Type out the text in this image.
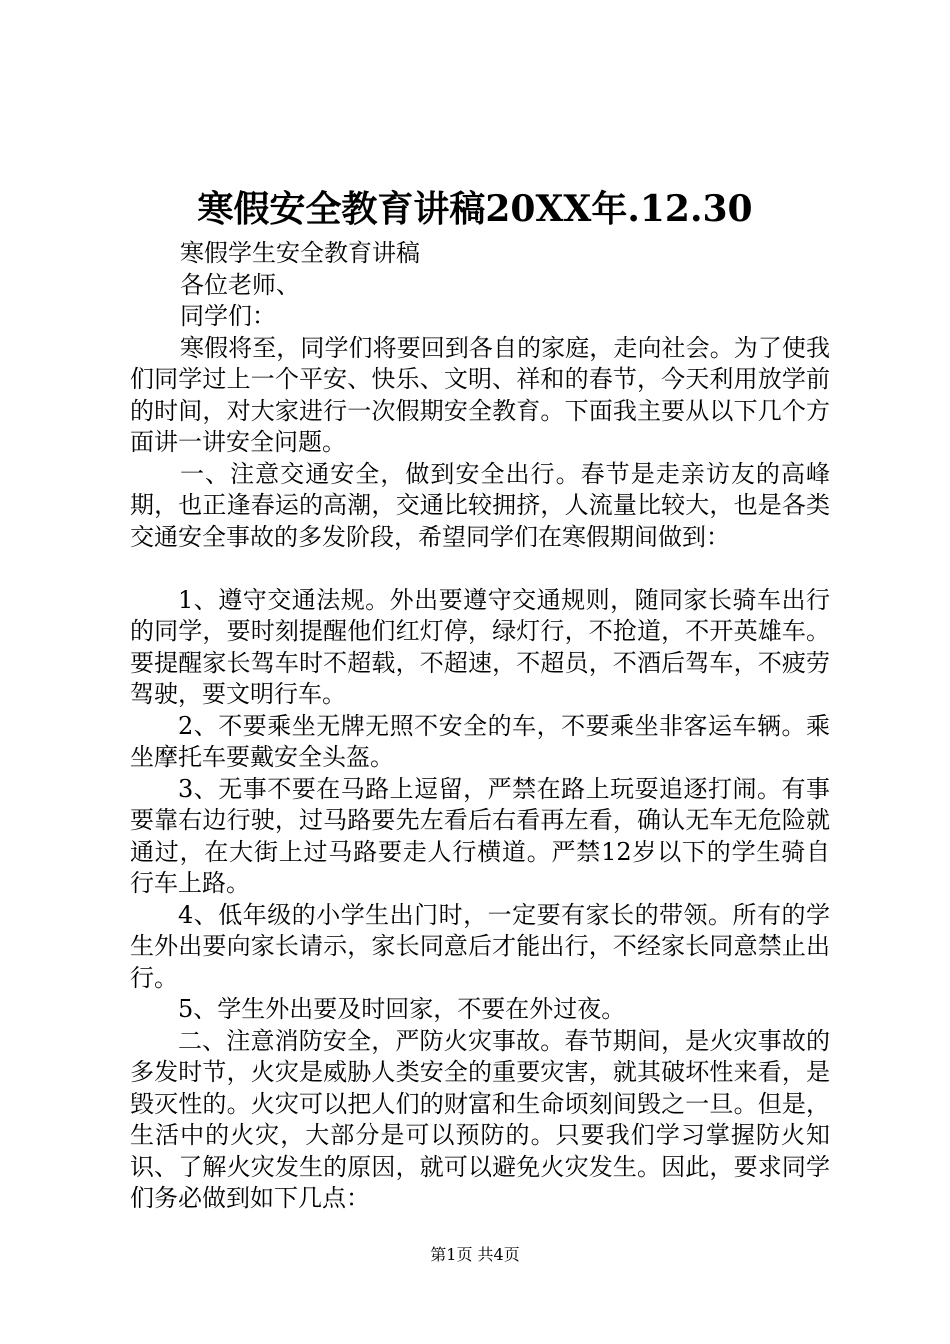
寒假安全教育讲稿20XX年.12.30

寒假学生安全教育讲稿

各位老师、

同学们：

寒假将至，同学们将要回到各自的家庭，走向社会。为了使我们同学过上一个平安、快乐、文明、祥和的春节，今天利用放学前的时间，对大家进行一次假期安全教育。下面我主要从以下几个方面讲一讲安全问题。

一、注意交通安全，做到安全出行。春节是走亲访友的高峰期，也正逢春运的高潮，交通比较拥挤，人流量比较大，也是各类交通安全事故的多发阶段，希望同学们在寒假期间做到：

1、遵守交通法规。外出要遵守交通规则，随同家长骑车出行的同学，要时刻提醒他们红灯停，绿灯行，不抢道，不开英雄车。要提醒家长驾车时不超载，不超速，不超员，不酒后驾车，不疲劳驾驶，要文明行车。

2、不要乘坐无牌无照不安全的车，不要乘坐非客运车辆。乘坐摩托车要戴安全头盔。

3、无事不要在马路上逗留，严禁在路上玩耍追逐打闹。有事要靠右边行驶，过马路要先左看后右看再左看，确认无车无危险就通过，在大街上过马路要走人行横道。严禁12岁以下的学生骑自行车上路。

4、低年级的小学生出门时，一定要有家长的带领。所有的学生外出要向家长请示，家长同意后才能出行，不经家长同意禁止出行。

5、学生外出要及时回家，不要在外过夜。

二、注意消防安全，严防火灾事故。春节期间，是火灾事故的多发时节，火灾是威胁人类安全的重要灾害，就其破坏性来看，是毁灭性的。火灾可以把人们的财富和生命顷刻间毁之一旦。但是，生活中的火灾，大部分是可以预防的。只要我们学习掌握防火知识、了解火灾发生的原因，就可以避免火灾发生。因此，要求同学们务必做到如下几点：

第1页 共4页
